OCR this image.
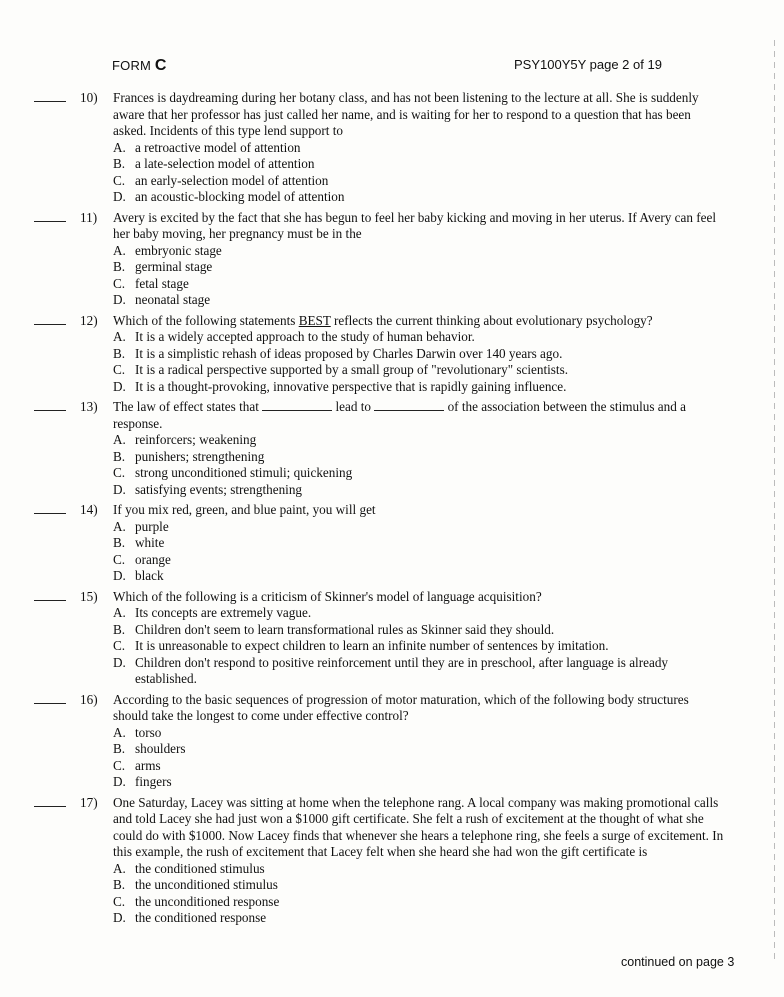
FORM C	PSY100Y5Y page 2 of 19
10)	Frances is daydreaming during her botany class, and has not been listening to the lecture at all. She is suddenly aware that her professor has just called her name, and is waiting for her to respond to a question that has been asked. Incidents of this type lend support to
A. a retroactive model of attention
B. a late-selection model of attention
C. an early-selection model of attention
D. an acoustic-blocking model of attention
11)	Avery is excited by the fact that she has begun to feel her baby kicking and moving in her uterus. If Avery can feel her baby moving, her pregnancy must be in the
A. embryonic stage
B. germinal stage
C. fetal stage
D. neonatal stage
12)	Which of the following statements BEST reflects the current thinking about evolutionary psychology?
A. It is a widely accepted approach to the study of human behavior.
B. It is a simplistic rehash of ideas proposed by Charles Darwin over 140 years ago.
C. It is a radical perspective supported by a small group of "revolutionary" scientists.
D. It is a thought-provoking, innovative perspective that is rapidly gaining influence.
13)	The law of effect states that	lead to	of the association between the stimulus and a response.
A. reinforcers; weakening
B. punishers; strengthening
C. strong unconditioned stimuli; quickening
D. satisfying events; strengthening
14)	If you mix red, green, and blue paint, you will get
A. purple
B. white
C. orange
D. black
15)	Which of the following is a criticism of Skinner's model of language acquisition?
A. Its concepts are extremely vague.
B. Children don't seem to learn transformational rules as Skinner said they should.
C. It is unreasonable to expect children to learn an infinite number of sentences by imitation.
D. Children don't respond to positive reinforcement until they are in preschool, after language is already established.
16)	According to the basic sequences of progression of motor maturation, which of the following body structures should take the longest to come under effective control?
A. torso
B. shoulders
C. arms
D. fingers
17)	One Saturday, Lacey was sitting at home when the telephone rang. A local company was making promotional calls and told Lacey she had just won a $1000 gift certificate. She felt a rush of excitement at the thought of what she could do with $1000. Now Lacey finds that whenever she hears a telephone ring, she feels a surge of excitement. In this example, the rush of excitement that Lacey felt when she heard she had won the gift certificate is
A. the conditioned stimulus
B. the unconditioned stimulus
C. the unconditioned response
D. the conditioned response
continued on page 3
